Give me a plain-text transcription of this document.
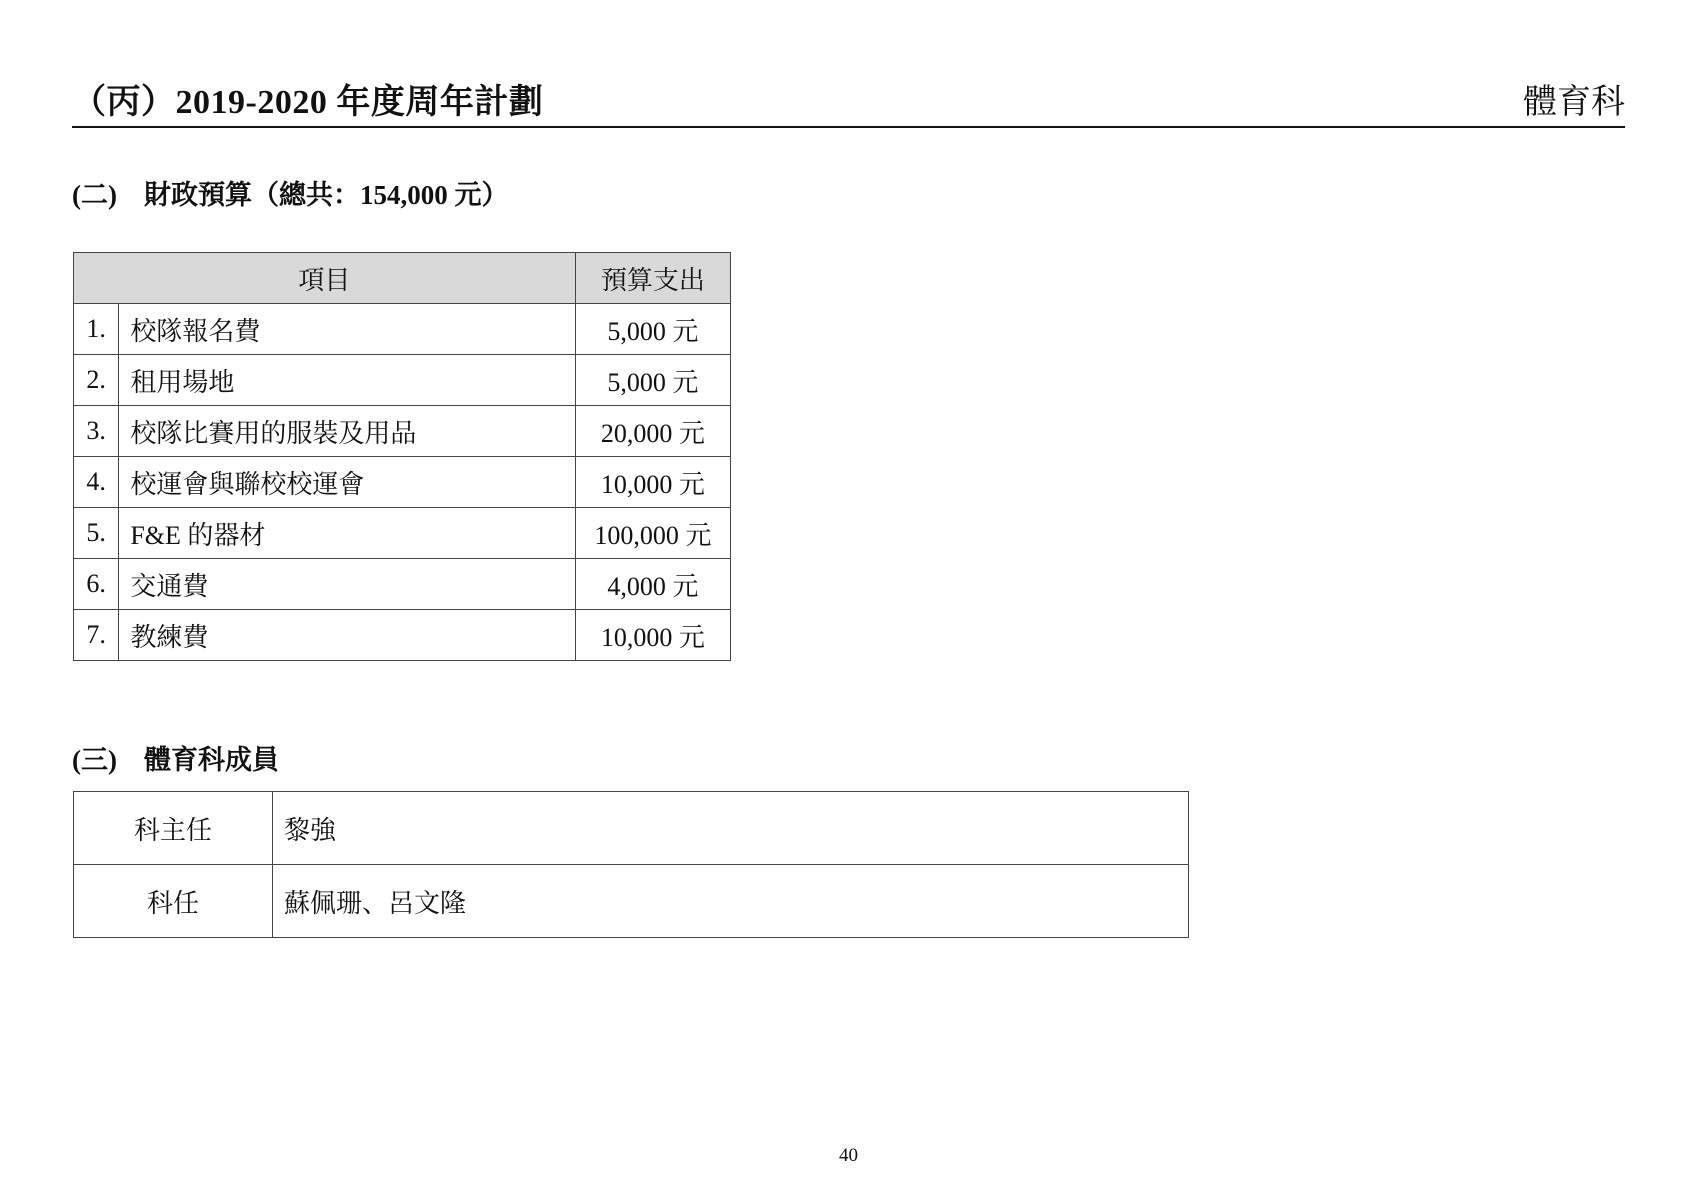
（丙）2019-2020 年度周年計劃	體育科
(二) 財政預算（總共：154,000 元）
項目		預算支出
1.	校隊報名費	5,000 元
2.	租用場地	5,000 元
3.	校隊比賽用的服裝及用品	20,000 元
4.	校運會與聯校校運會	10,000 元
5.	F&E 的器材	100,000 元
6.	交通費	4,000 元
7.	教練費	10,000 元
(三) 體育科成員
科主任	黎強
科任	蘇佩珊、呂文隆
40
